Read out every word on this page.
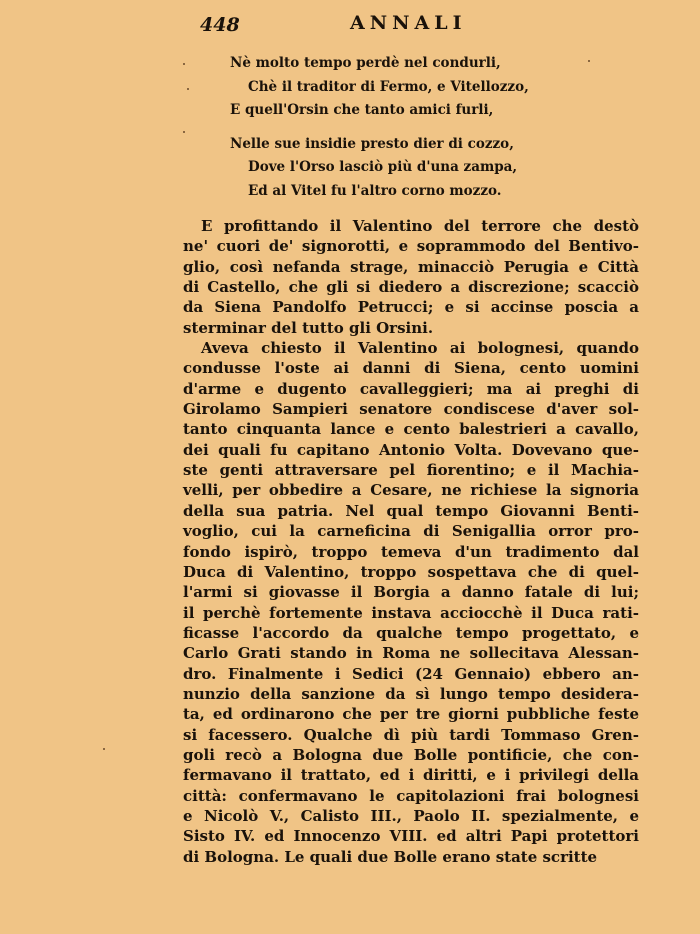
448	ANNALI
Nè molto tempo perdè nel condurli,
Chè il traditor di Fermo, e Vitellozzo,
E quell'Orsin che tanto amici furli,
Nelle sue insidie presto dier di cozzo,
Dove l'Orso lasciò più d'una zampa,
Ed al Vitel fu l'altro corno mozzo.
E profittando il Valentino del terrore che destò
ne' cuori de' signorotti, e soprammodo del Bentivo-
glio, così nefanda strage, minacciò Perugia e Città
di Castello, che gli si diedero a discrezione; scacciò
da Siena Pandolfo Petrucci; e si accinse poscia a
sterminar del tutto gli Orsini.
Aveva chiesto il Valentino ai bolognesi, quando
condusse l'oste ai danni di Siena, cento uomini
d'arme e dugento cavalleggieri; ma ai preghi di
Girolamo Sampieri senatore condiscese d'aver sol-
tanto cinquanta lance e cento balestrieri a cavallo,
dei quali fu capitano Antonio Volta. Dovevano que-
ste genti attraversare pel fiorentino; e il Machia-
velli, per obbedire a Cesare, ne richiese la signoria
della sua patria. Nel qual tempo Giovanni Benti-
voglio, cui la carneficina di Senigallia orror pro-
fondo ispirò, troppo temeva d'un tradimento dal
Duca di Valentino, troppo sospettava che di quel-
l'armi si giovasse il Borgia a danno fatale di lui;
il perchè fortemente instava acciocchè il Duca rati-
ficasse l'accordo da qualche tempo progettato, e
Carlo Grati stando in Roma ne sollecitava Alessan-
dro. Finalmente i Sedici (24 Gennaio) ebbero an-
nunzio della sanzione da sì lungo tempo desidera-
ta, ed ordinarono che per tre giorni pubbliche feste
si facessero. Qualche dì più tardi Tommaso Gren-
goli recò a Bologna due Bolle pontificie, che con-
fermavano il trattato, ed i diritti, e i privilegi della
città: confermavano le capitolazioni frai bolognesi
e Nicolò V., Calisto III., Paolo II. spezialmente, e
Sisto IV. ed Innocenzo VIII. ed altri Papi protettori
di Bologna. Le quali due Bolle erano state scritte
